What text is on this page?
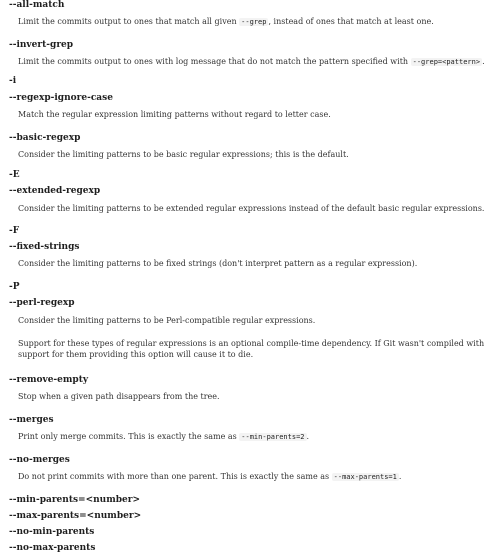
--all-match
Limit the commits output to ones that match all given --grep , instead of ones that match at least one.
--invert-grep
Limit the commits output to ones with log message that do not match the pattern specified with --grep=<pattern> .
-i
--regexp-ignore-case
Match the regular expression limiting patterns without regard to letter case.
--basic-regexp
Consider the limiting patterns to be basic regular expressions; this is the default.
-E
--extended-regexp
Consider the limiting patterns to be extended regular expressions instead of the default basic regular expressions.
-F
--fixed-strings
Consider the limiting patterns to be fixed strings (don't interpret pattern as a regular expression).
-P
--perl-regexp
Consider the limiting patterns to be Perl-compatible regular expressions.
Support for these types of regular expressions is an optional compile-time dependency. If Git wasn't compiled with support for them providing this option will cause it to die.
--remove-empty
Stop when a given path disappears from the tree.
--merges
Print only merge commits. This is exactly the same as --min-parents=2 .
--no-merges
Do not print commits with more than one parent. This is exactly the same as --max-parents=1 .
--min-parents=<number>
--max-parents=<number>
--no-min-parents
--no-max-parents
